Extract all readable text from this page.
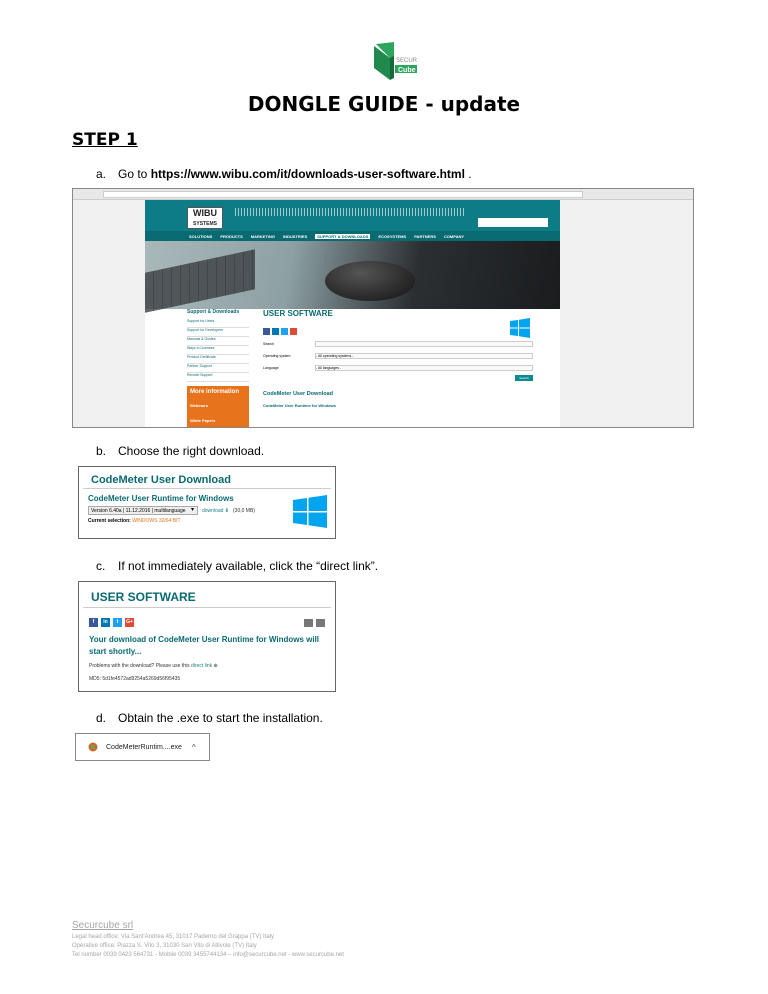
SECUR
Cube
DONGLE GUIDE - update
STEP 1
a. Go to https://www.wibu.com/it/downloads-user-software.html .
WIBU
SYSTEMS
SOLUTIONS PRODUCTS MARKETING INDUSTRIES	SUPPORT & DOWNLOADS	ECOSYSTEMS PARTNERS COMPANY
Support & Downloads
Support for Users
Support for Developers
Manuals & Guides
Ways to Licenses
Product Certificate
Partner Support
Remote Support
More information
Webinars
White Papers
USER SOFTWARE
Search
Operating system	- All operating systems -
Language	- All languages -
Search
CodeMeter User Download
CodeMeter User Runtime for Windows
b. Choose the right download.
CodeMeter User Download
CodeMeter User Runtime for Windows
Version 6.40a | 11.12.2016 | multilanguage ▾	download ⬇ (30,0 MB)
Current selection: WINDOWS 32/64 BIT
c. If not immediately available, click the “direct link”.
USER SOFTWARE
f	in	t	G+
Your download of CodeMeter User Runtime for Windows will start shortly...
Problems with the download? Please use this direct link ⊕
MD5: 5d1fe4572ad9254a5269d56f95435
d. Obtain the .exe to start the installation.
CodeMeterRuntim....exe ^
Securcube srl
Legal head office: Via Sant'Andrea 45, 31017 Paderno del Grappa (TV) Italy
Operative office: Piazza S. Vito 3, 31030 San Vito di Altivole (TV) Italy
Tel number 0039 0423 564731 - Mobile 0039 3455744134 – info@securcube.net - www.securcube.net
